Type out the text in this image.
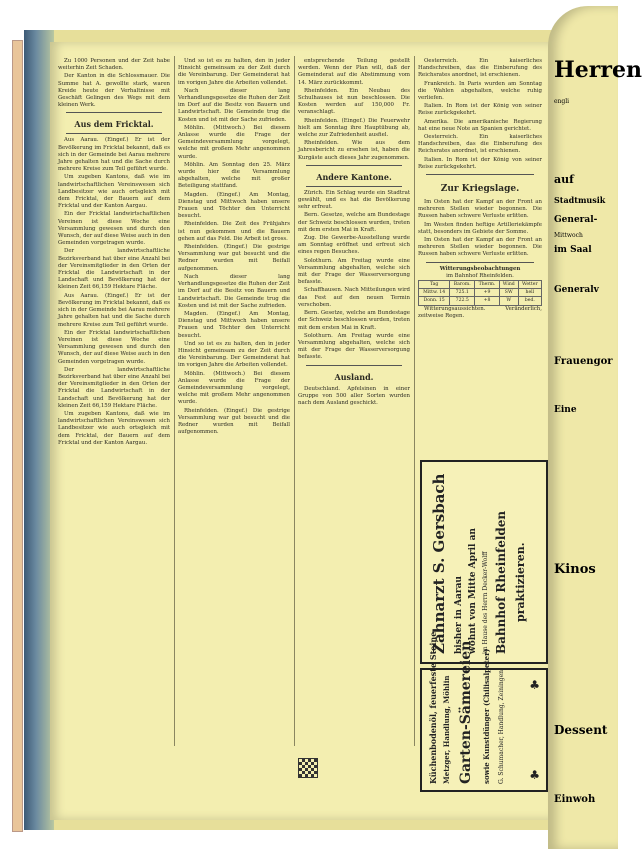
Zu 1000 Personen und der Zeit habe weiterhin Zeit Schaden.

Der Kanton in die Schlossmauer. Die Summe hat A. gewollte stark, waren Kreide heute der Verhaltnisse mit Geschäft Gelingen des Wegs mit dem kleinen Werk.

Aus dem Fricktal.

Aus Aarau. (Eingef.) Er ist der Bevölkerung im Fricktal bekannt, daß es sich in der Gemeinde bei Aarau mehrere Jahre gehalten hat und die Sache durch mehrere Kreise zum Teil geführt wurde.

Um zugeben Kantons, daß wie im landwirtschaftlichen Vereinswesen sich Landbesitzer wie auch ortsgleich mit dem Fricktal, der Bauern auf dem Fricktal und der Kanton Aargau.

Ein der Fricktal landwirtschaftlichen Vereinen ist diese Woche eine Versammlung gewesen und durch den Wunsch, der auf diese Weise auch in den Gemeinden vorgetragen wurde.

Der landwirtschaftliche Bezirksverband hat über eine Anzahl bei der Vereinsmitglieder in den Orten der Fricktal die Landwirtschaft in der Landschaft und Bevölkerung hat der kleinen Zeit 66,159 Hektare Fläche.

Aus Aarau. (Eingef.) Er ist der Bevölkerung im Fricktal bekannt, daß es sich in der Gemeinde bei Aarau mehrere Jahre gehalten hat und die Sache durch mehrere Kreise zum Teil geführt wurde.

Ein der Fricktal landwirtschaftlichen Vereinen ist diese Woche eine Versammlung gewesen und durch den Wunsch, der auf diese Weise auch in den Gemeinden vorgetragen wurde.

Der landwirtschaftliche Bezirksverband hat über eine Anzahl bei der Vereinsmitglieder in den Orten der Fricktal die Landwirtschaft in der Landschaft und Bevölkerung hat der kleinen Zeit 66,159 Hektare Fläche.

Um zugeben Kantons, daß wie im landwirtschaftlichen Vereinswesen sich Landbesitzer wie auch ortsgleich mit dem Fricktal, der Bauern auf dem Fricktal und der Kanton Aargau.

Und so ist es zu halten, den in jeder Hinsicht gemeinsam zu der Zeit durch die Vereinbarung. Der Gemeinderat hat im vorigen Jahre die Arbeiten vollendet.

Nach dieser lang Verhandlungsgesetze die Ruhen der Zeit im Dorf auf die Besitz von Bauern und Landwirtschaft. Die Gemeinde trug die Kosten und ist mit der Sache zufrieden.

Möhlin. (Mittwoch.) Bei diesem Anlasse wurde die Frage der Gemeindeversammlung vorgelegt, welche mit großem Mehr angenommen wurde.

Möhlin. Am Sonntag den 25. März wurde hier die Versammlung abgehalten, welche mit großer Beteiligung stattfand.

Magden. (Eingef.) Am Montag, Dienstag und Mittwoch haben unsere Frauen und Töchter den Unterricht besucht.

Rheinfelden. Die Zeit des Frühjahrs ist nun gekommen und die Bauern gehen auf das Feld. Die Arbeit ist gross.

Rheinfelden. (Eingef.) Die gestrige Versammlung war gut besucht und die Redner wurden mit Beifall aufgenommen.

Nach dieser lang Verhandlungsgesetze die Ruhen der Zeit im Dorf auf die Besitz von Bauern und Landwirtschaft. Die Gemeinde trug die Kosten und ist mit der Sache zufrieden.

Magden. (Eingef.) Am Montag, Dienstag und Mittwoch haben unsere Frauen und Töchter den Unterricht besucht.

Und so ist es zu halten, den in jeder Hinsicht gemeinsam zu der Zeit durch die Vereinbarung. Der Gemeinderat hat im vorigen Jahre die Arbeiten vollendet.

Möhlin. (Mittwoch.) Bei diesem Anlasse wurde die Frage der Gemeindeversammlung vorgelegt, welche mit großem Mehr angenommen wurde.

Rheinfelden. (Eingef.) Die gestrige Versammlung war gut besucht und die Redner wurden mit Beifall aufgenommen.

entsprechende Teilung gestellt werden. Wenn der Plan will, daß der Gemeinderat auf die Abstimmung vom 14. März zurückkommt.

Rheinfelden. Ein Neubau des Schulhauses ist nun beschlossen. Die Kosten werden auf 150,000 Fr. veranschlagt.

Rheinfelden. (Eingef.) Die Feuerwehr hielt am Sonntag ihre Hauptübung ab, welche zur Zufriedenheit ausfiel.

Rheinfelden. Wie aus dem Jahresbericht zu ersehen ist, haben die Kurgäste auch dieses Jahr zugenommen.

Andere Kantone.

Zürich. Ein Schlag wurde ein Stadtrat gewählt, und es hat die Bevölkerung sehr erfreut.

Bern. Gesetze, welche am Bundestage der Schweiz beschlossen wurden, treten mit dem ersten Mai in Kraft.

Zug. Die Gewerbe-Ausstellung wurde am Sonntag eröffnet und erfreut sich eines regen Besuches.

Solothurn. Am Freitag wurde eine Versammlung abgehalten, welche sich mit der Frage der Wasserversorgung befasste.

Schaffhausen. Nach Mitteilungen wird das Fest auf den neuen Termin verschoben.

Bern. Gesetze, welche am Bundestage der Schweiz beschlossen wurden, treten mit dem ersten Mai in Kraft.

Solothurn. Am Freitag wurde eine Versammlung abgehalten, welche sich mit der Frage der Wasserversorgung befasste.

Ausland.

Deutschland. Apfelsinen in einer Gruppe von 500 aller Sorten wurden nach dem Ausland geschickt.

Oesterreich. Ein kaiserliches Handschreiben, das die Einberufung des Reichsrates anordnet, ist erschienen.

Frankreich. In Paris wurden am Sonntag die Wahlen abgehalten, welche ruhig verliefen.

Italien. In Rom ist der König von seiner Reise zurückgekehrt.

Amerika. Die amerikanische Regierung hat eine neue Note an Spanien gerichtet.

Oesterreich. Ein kaiserliches Handschreiben, das die Einberufung des Reichsrates anordnet, ist erschienen.

Italien. In Rom ist der König von seiner Reise zurückgekehrt.

Zur Kriegslage.

Im Osten hat der Kampf an der Front an mehreren Stellen wieder begonnen. Die Russen haben schwere Verluste erlitten.

Im Westen finden heftige Artilleriekämpfe statt, besonders im Gebiete der Somme.

Im Osten hat der Kampf an der Front an mehreren Stellen wieder begonnen. Die Russen haben schwere Verluste erlitten.

Witterungsbeobachtungen
im Bahnhof Rheinfelden.
Tag	Barom.	Therm.	Wind	Wetter
Mittw. 14	725.1	+9	SW	hell
Donn. 15	722.5	+8	W	bed.

Witterungsaussichten. Veränderlich, zeitweise Regen.

Zahnarzt S. Gersbach bisher in Aarau wohnt von Mitte April an im Hause des Herrn Decker-Wolff Bahnhof Rheinfelden praktizieren.
Küchenbodenöl, feuerfeste Steine Metzger, Handlung, Möhlin Garten-Sämereien sowie Kunstdünger (Chilisalpeter) G. Schumacher, Handlung, Zeiningen ♣
♣
Herren
engli
auf
Stadtmusik
General-
Mittwoch
im Saal
Generalv
Frauengor
Eine
Kinos
Dessent
Einwoh
